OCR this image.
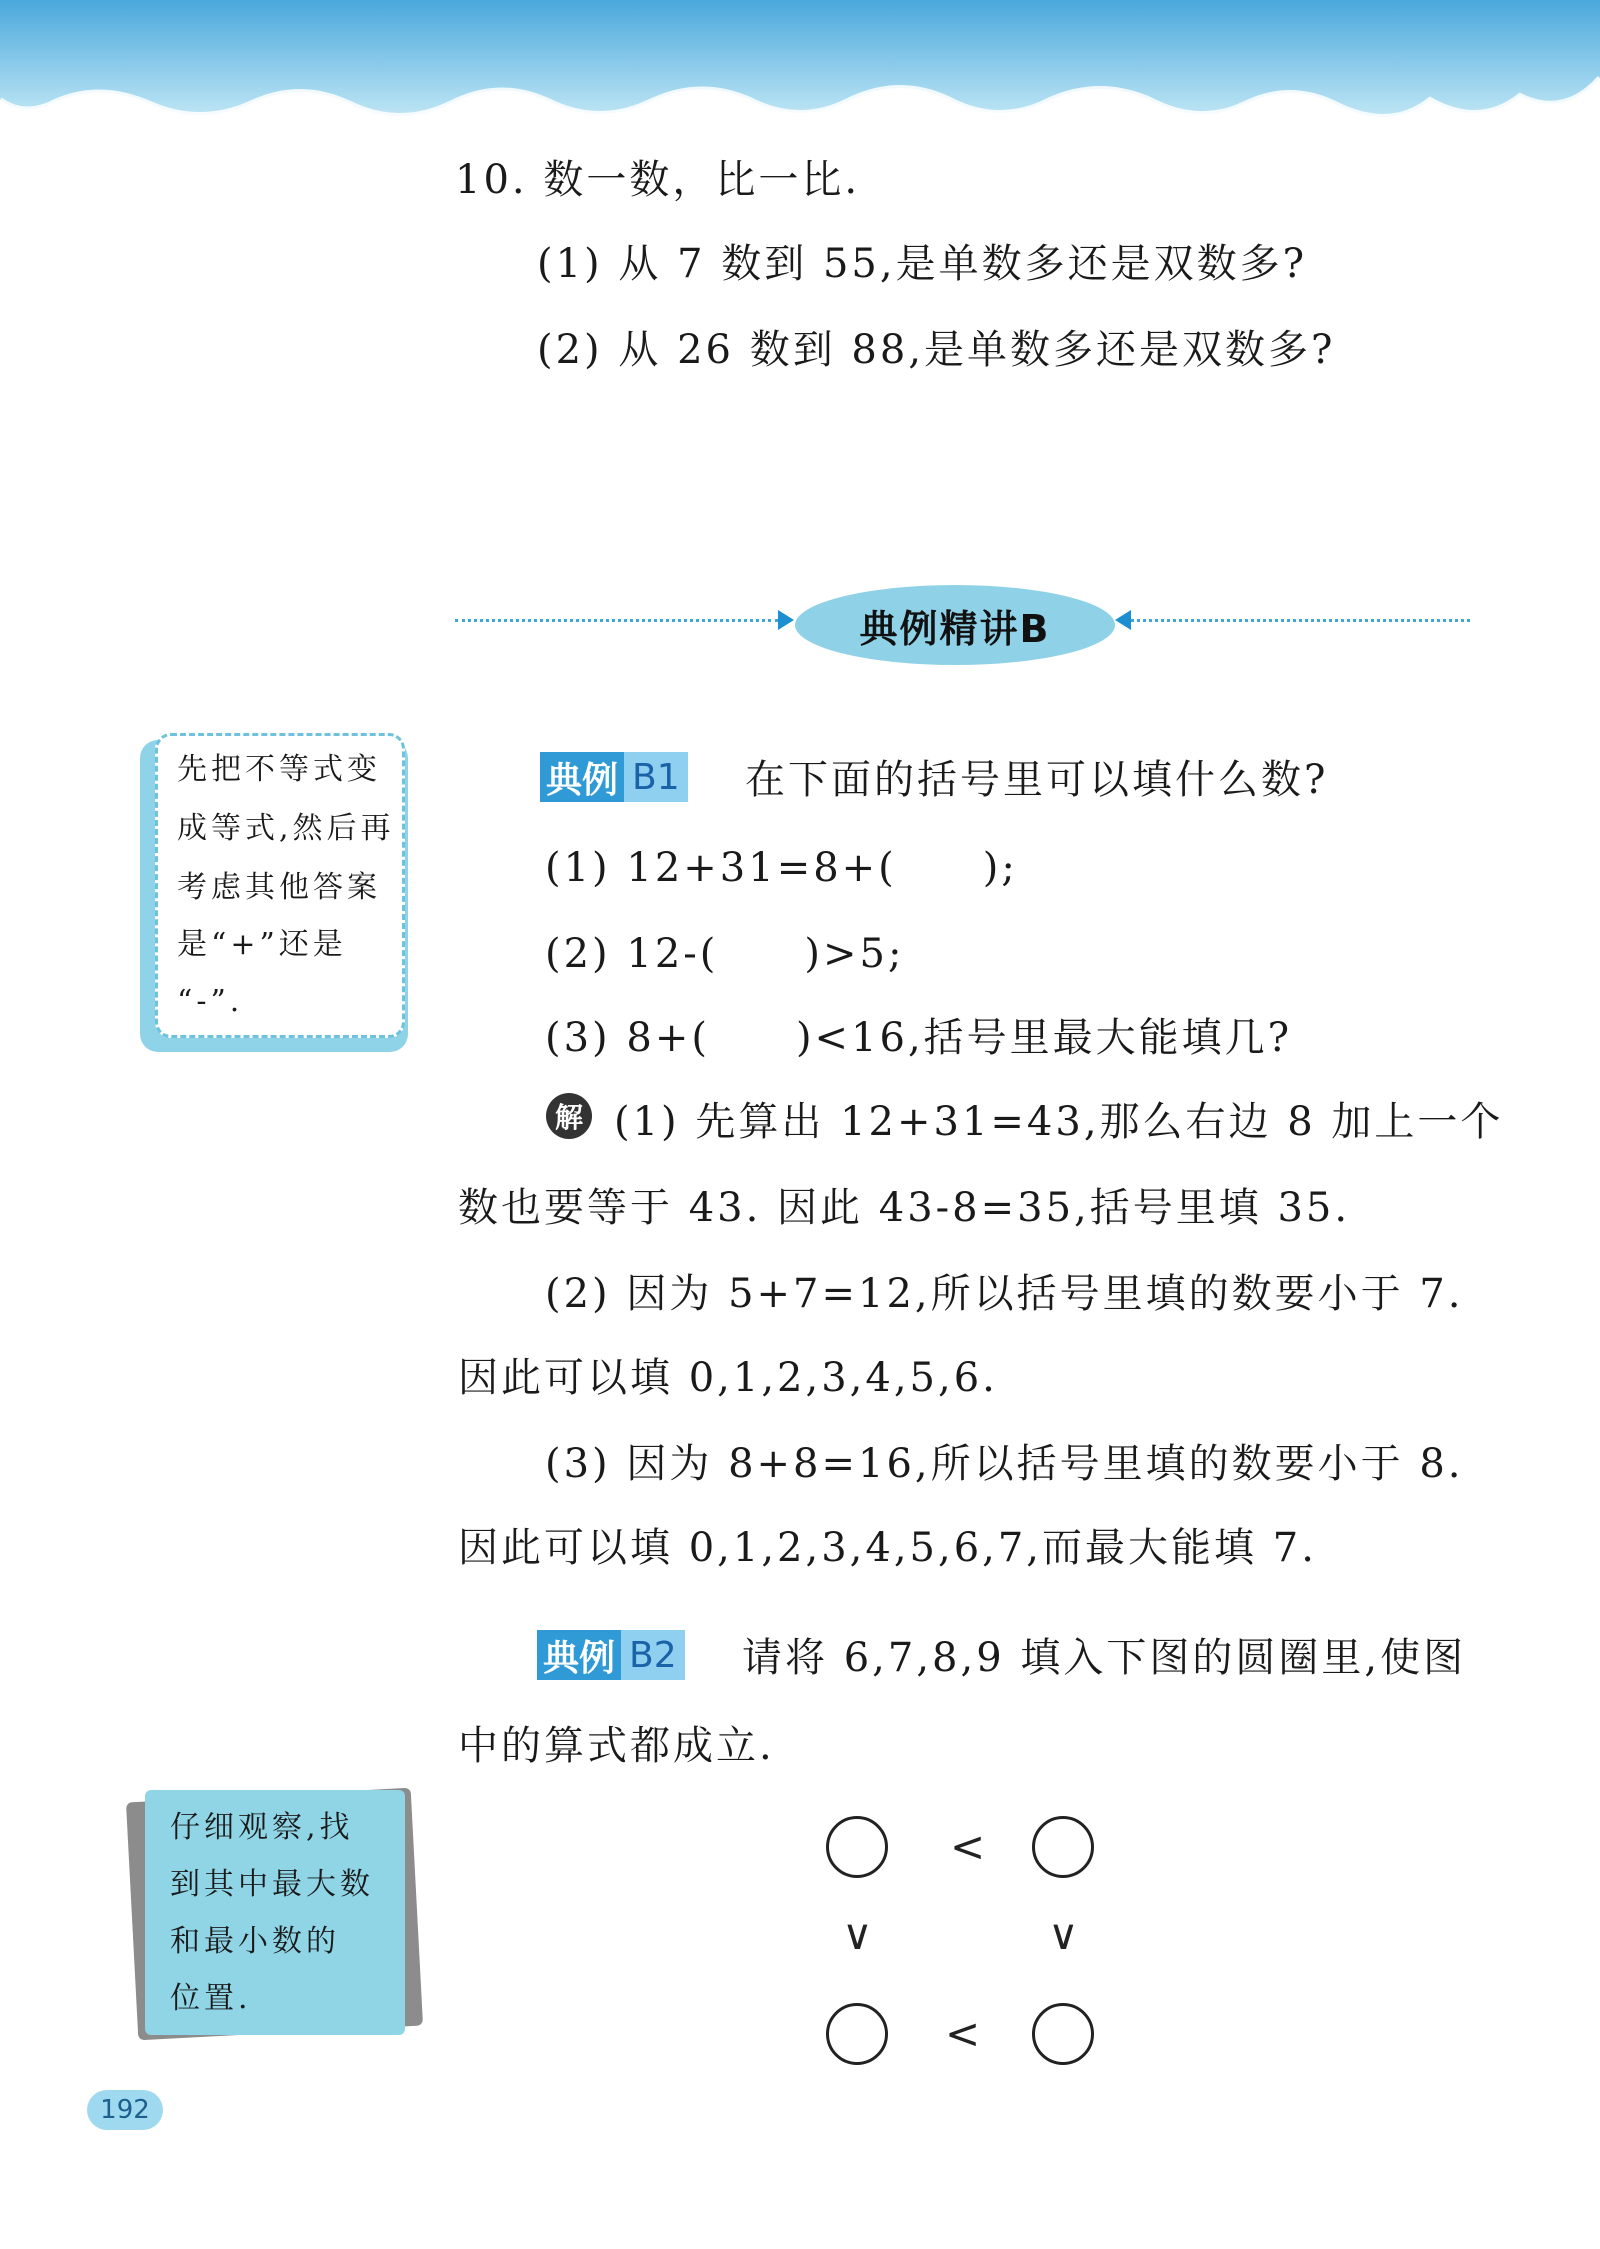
10. 数一数，比一比.
(1) 从 7 数到 55,是单数多还是双数多?
(2) 从 26 数到 88,是单数多还是双数多?
典例精讲B
先把不等式变
成等式,然后再
考虑其他答案
是“+”还是
“-”.
典例 B1 在下面的括号里可以填什么数?
(1) 12+31=8+(　　);
(2) 12-(　　)>5;
(3) 8+(　　)<16,括号里最大能填几?
解 (1) 先算出 12+31=43,那么右边 8 加上一个
数也要等于 43. 因此 43-8=35,括号里填 35.
(2) 因为 5+7=12,所以括号里填的数要小于 7.
因此可以填 0,1,2,3,4,5,6.
(3) 因为 8+8=16,所以括号里填的数要小于 8.
因此可以填 0,1,2,3,4,5,6,7,而最大能填 7.
典例 B2 请将 6,7,8,9 填入下图的圆圈里,使图
中的算式都成立.
仔细观察,找
到其中最大数
和最小数的
位置.
<
∨	∨
<
192
